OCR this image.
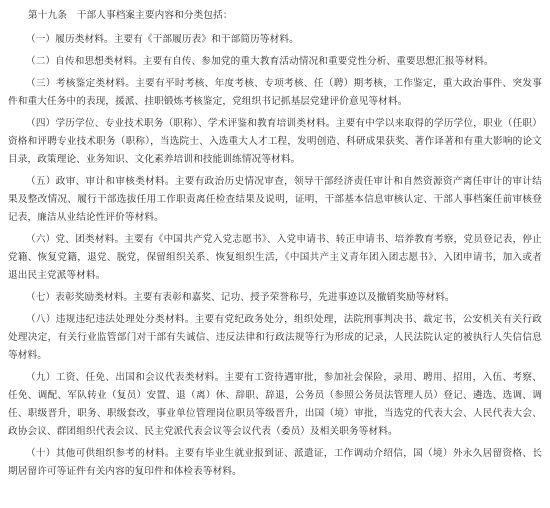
第十九条　干部人事档案主要内容和分类包括：

（一）履历类材料。主要有《干部履历表》和干部简历等材料。

（二）自传和思想类材料。主要有自传、参加党的重大教育活动情况和重要党性分析、重要思想汇报等材料。

（三）考核鉴定类材料。主要有平时考核、年度考核、专项考核、任（聘）期考核，工作鉴定，重大政治事件、突发事件和重大任务中的表现，援派、挂职锻炼考核鉴定，党组织书记抓基层党建评价意见等材料。

（四）学历学位、专业技术职务（职称）、学术评鉴和教育培训类材料。主要有中学以来取得的学历学位，职业（任职）资格和评聘专业技术职务（职称），当选院士、入选重大人才工程，发明创造、科研成果获奖、著作译著和有重大影响的论文目录，政策理论、业务知识、文化素养培训和技能训练情况等材料。

（五）政审、审计和审核类材料。主要有政治历史情况审查，领导干部经济责任审计和自然资源资产离任审计的审计结果及整改情况、履行干部选拔任用工作职责离任检查结果及说明，证明，干部基本信息审核认定、干部人事档案任前审核登记表，廉洁从业结论性评价等材料。

（六）党、团类材料。主要有《中国共产党入党志愿书》、入党申请书、转正申请书、培养教育考察，党员登记表，停止党籍、恢复党籍，退党、脱党，保留组织关系、恢复组织生活，《中国共产主义青年团入团志愿书》、入团申请书，加入或者退出民主党派等材料。

（七）表彰奖励类材料。主要有表彰和嘉奖、记功、授予荣誉称号，先进事迹以及撤销奖励等材料。

（八）违规违纪违法处理处分类材料。主要有党纪政务处分，组织处理，法院刑事判决书、裁定书，公安机关有关行政处理决定，有关行业监管部门对干部有失诚信、违反法律和行政法规等行为形成的记录，人民法院认定的被执行人失信信息等材料。

（九）工资、任免、出国和会议代表类材料。主要有工资待遇审批，参加社会保险，录用、聘用、招用，入伍、考察、任免、调配、军队转业（复员）安置、退（离）休、辞职、辞退，公务员（参照公务员法管理人员）登记、遴选、选调、调任、职级晋升，职务、职级套改，事业单位管理岗位职员等级晋升，出国（境）审批，当选党的代表大会、人民代表大会、政协会议、群团组织代表会议、民主党派代表会议等会议代表（委员）及相关职务等材料。

（十）其他可供组织参考的材料。主要有毕业生就业报到证、派遣证，工作调动介绍信，国（境）外永久居留资格、长期居留许可等证件有关内容的复印件和体检表等材料。
